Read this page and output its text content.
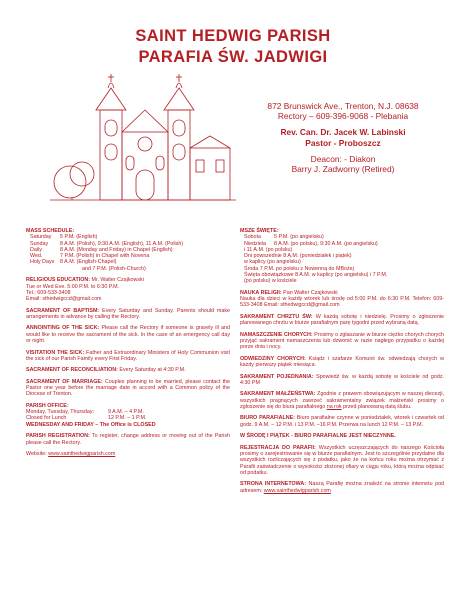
SAINT HEDWIG PARISH
PARAFIA ŚW. JADWIGI
872 Brunswick Ave., Trenton, N.J. 08638
Rectory – 609-396-9068 - Plebania
Rev. Can. Dr. Jacek W. Labinski
Pastor - Proboszcz
Deacon: - Diakon
Barry J. Zadworny (Retired)

MASS SCHEDULE:

Saturday	5 P.M. (English)
Sunday	8 A.M. (Polish), 9:30 A.M. (English), 11 A.M. (Polish)
Daily	8 A.M. (Monday and Friday) in Chapel (English)
Wed.	7 P.M. (Polish) in Chapel with Novena
Holy Days	8 A.M. (English-Chapel)
and 7 P.M. (Polish-Church)

RELIGIOUS EDUCATION: Mr. Walter Czajkowski

Tue or Wed Eve. 5:00 P.M. to 6:30 P.M.

Tel.: 609-533-3408

Email: sthedwigccd@gmail.com

SACRAMENT OF BAPTISM: Every Saturday and Sunday. Parents should make arrangements in advance by calling the Rectory.

ANNOINTING OF THE SICK: Please call the Rectory if someone is gravely ill and would like to receive the sacrament of the sick. In the case of an emergency call day or night.

VISITATION THE SICK: Father and Extraordinary Ministers of Holy Communion visit the sick of our Parish Family every First Friday.

SACRAMENT OF RECONCILIATION: Every Saturday at 4:30 P.M.

SACRAMENT OF MARRIAGE: Couples planning to be married, please contact the Pastor one year before the marriage date in accord with a Common policy of the Diocese of Trenton.

PARISH OFFICE:

Monday, Tuesday, Thursday:	9 A.M. – 4 P.M.
Closed for Lunch	12 P.M. – 1 P.M.

WEDNESDAY AND FRIDAY – The Office is CLOSED

PARISH REGISTRATION: To register, change address or moving out of the Parish please call the Rectory.

Website: www.sainthedwigparish.com

MSZE ŚWIĘTE:

Sobota	5 P.M. (po angielsku)
Niedziela	8 A.M. (po polsku), 9:30 A.M. (po angielsku)

i 11 A.M. (po polsku)

Dni powszednie 8 A.M. (poniedziałek i piątek)

w kaplicy (po angielsku)

Środa 7 P.M. po polsku z Nowenną do MBożej

Święta obowiązkowe 8 A.M. w kaplicy (po angielsku) i 7 P.M.

(po polsku) w kościele

NAUKA RELIGII: Pan Walter Czajkowski

Nauka dla dzieci w każdy wtorek lub środę od 5:00 P.M. do 6:30 P.M. Telefon: 609-533-3408 Email: sthedwigccd@gmail.com

SAKRAMENT CHRZTU ŚW: W każdą sobotę i niedzielę. Prosimy o zgłoszenie planowanego chrztu w biurze parafialnym parę tygodni przed wybraną datą.

NAMASZCZENIE CHORYCH: Prosimy o zgłaszanie w biurze ciężko chorych chorych przyjąć sakrament namaszczenia lub dzwonić w razie nagłego przypadku o każdej porze dnia i nocy.

ODWIEDZINY CHORYCH: Ksiądz i szafarze Komunii św. odwiedzają chorych w każdy pierwszy piątek miesiąca.

SAKRAMENT POJEDNANIA: Spowiedź św. w każdą sobotę w kościele od godz. 4:30 PM

SAKRAMENT MAŁŻEŃSTWA: Zgodnie z prawem obowiązującym w naszej diecezji, wszystkich pragnących zawrzeć sakramentalny związek małżeński prosimy o zgłoszenie się do biura parafialnego na rok przed planowaną datą ślubu.

BIURO PARAFIALNE: Biuro parafialne czynne w poniedziałek, wtorek i czwartek od godz. 9 A.M. – 12 P.M. i 13 P.M. –16 P.M. Przerwa na lunch 12 P.M. – 13 P.M.

W ŚRODĘ I PIĄTEK - BIURO PARAFIALNE JEST NIECZYNNE.

REJESTRACJA DO PARAFII: Wszystkich uczęszczających do naszego Kościoła prosimy o zarejestrowanie się w biurze parafialnym. Jest to szczególnie przydatne dla wszystkich rozliczających się z podatku, jako że na końcu roku można otrzymać z Parafii zaświadczenie o wysokości złożonej ofiary w ciągu roku, którą można odpisać od podatku.

STRONA INTERNETOWA: Naszą Parafię można znaleźć na stronie internetu pod adresem: www.sainthedwigparish.com
